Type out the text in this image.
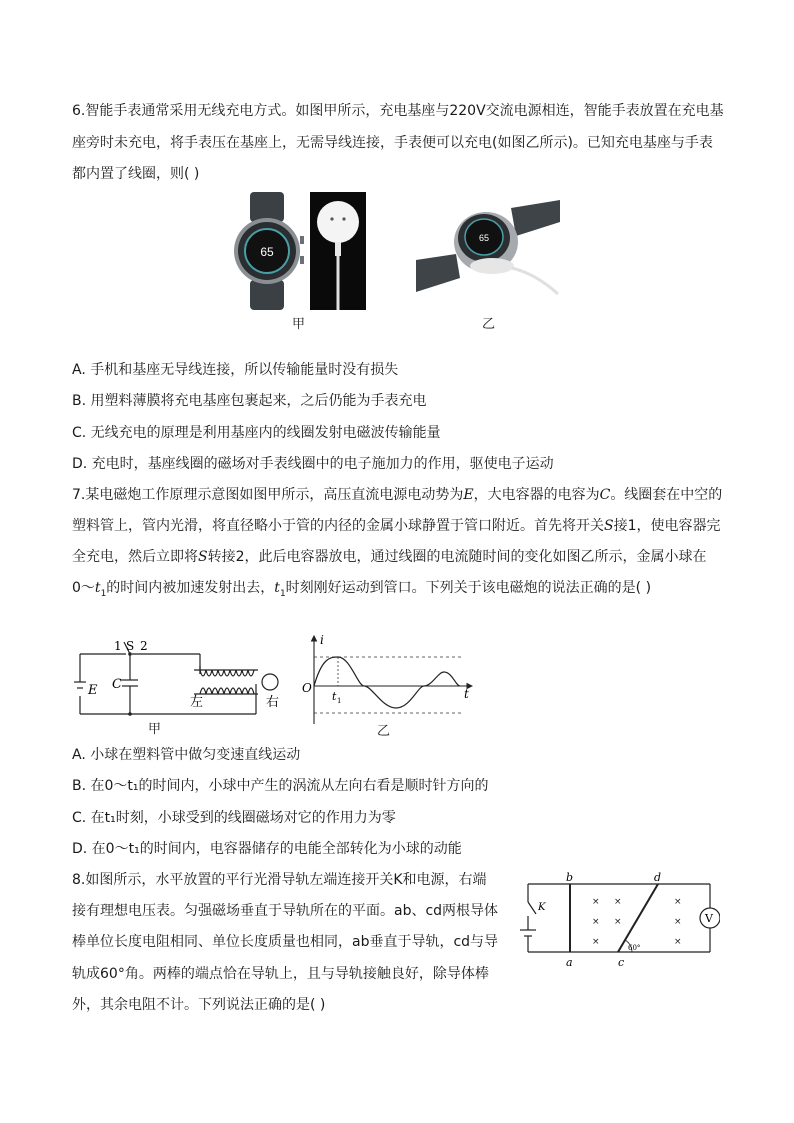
6.智能手表通常采用无线充电方式。如图甲所示，充电基座与220V交流电源相连，智能手表放置在充电基
座旁时未充电，将手表压在基座上，无需导线连接，手表便可以充电(如图乙所示)。已知充电基座与手表
都内置了线圈，则( )
65
甲
65
乙
A. 手机和基座无导线连接，所以传输能量时没有损失
B. 用塑料薄膜将充电基座包裹起来，之后仍能为手表充电
C. 无线充电的原理是利用基座内的线圈发射电磁波传输能量
D. 充电时，基座线圈的磁场对手表线圈中的电子施加力的作用，驱使电子运动
7.某电磁炮工作原理示意图如图甲所示，高压直流电源电动势为E，大电容器的电容为C。线圈套在中空的
塑料管上，管内光滑，将直径略小于管的内径的金属小球静置于管口附近。首先将开关S接1，使电容器完
全充电，然后立即将S转接2，此后电容器放电，通过线圈的电流随时间的变化如图乙所示，金属小球在
$0\sim t_1$的时间内被加速发射出去，$t_1$时刻刚好运动到管口。下列关于该电磁炮的说法正确的是( )
1 S 2
E C
左	右
甲
i
O
t 1	t
乙
A. 小球在塑料管中做匀变速直线运动
B. 在0～t₁的时间内，小球中产生的涡流从左向右看是顺时针方向的
C. 在t₁时刻，小球受到的线圈磁场对它的作用力为零
D. 在0～t₁的时间内，电容器储存的电能全部转化为小球的动能
8.如图所示，水平放置的平行光滑导轨左端连接开关K和电源，右端
接有理想电压表。匀强磁场垂直于导轨所在的平面。ab、cd两根导体
棒单位长度电阻相同、单位长度质量也相同，ab垂直于导轨，cd与导
轨成60°角。两棒的端点恰在导轨上，且与导轨接触良好，除导体棒
外，其余电阻不计。下列说法正确的是( )
K
V
b	d
a	c
60°
×
×
×
×
×
×
×
×
